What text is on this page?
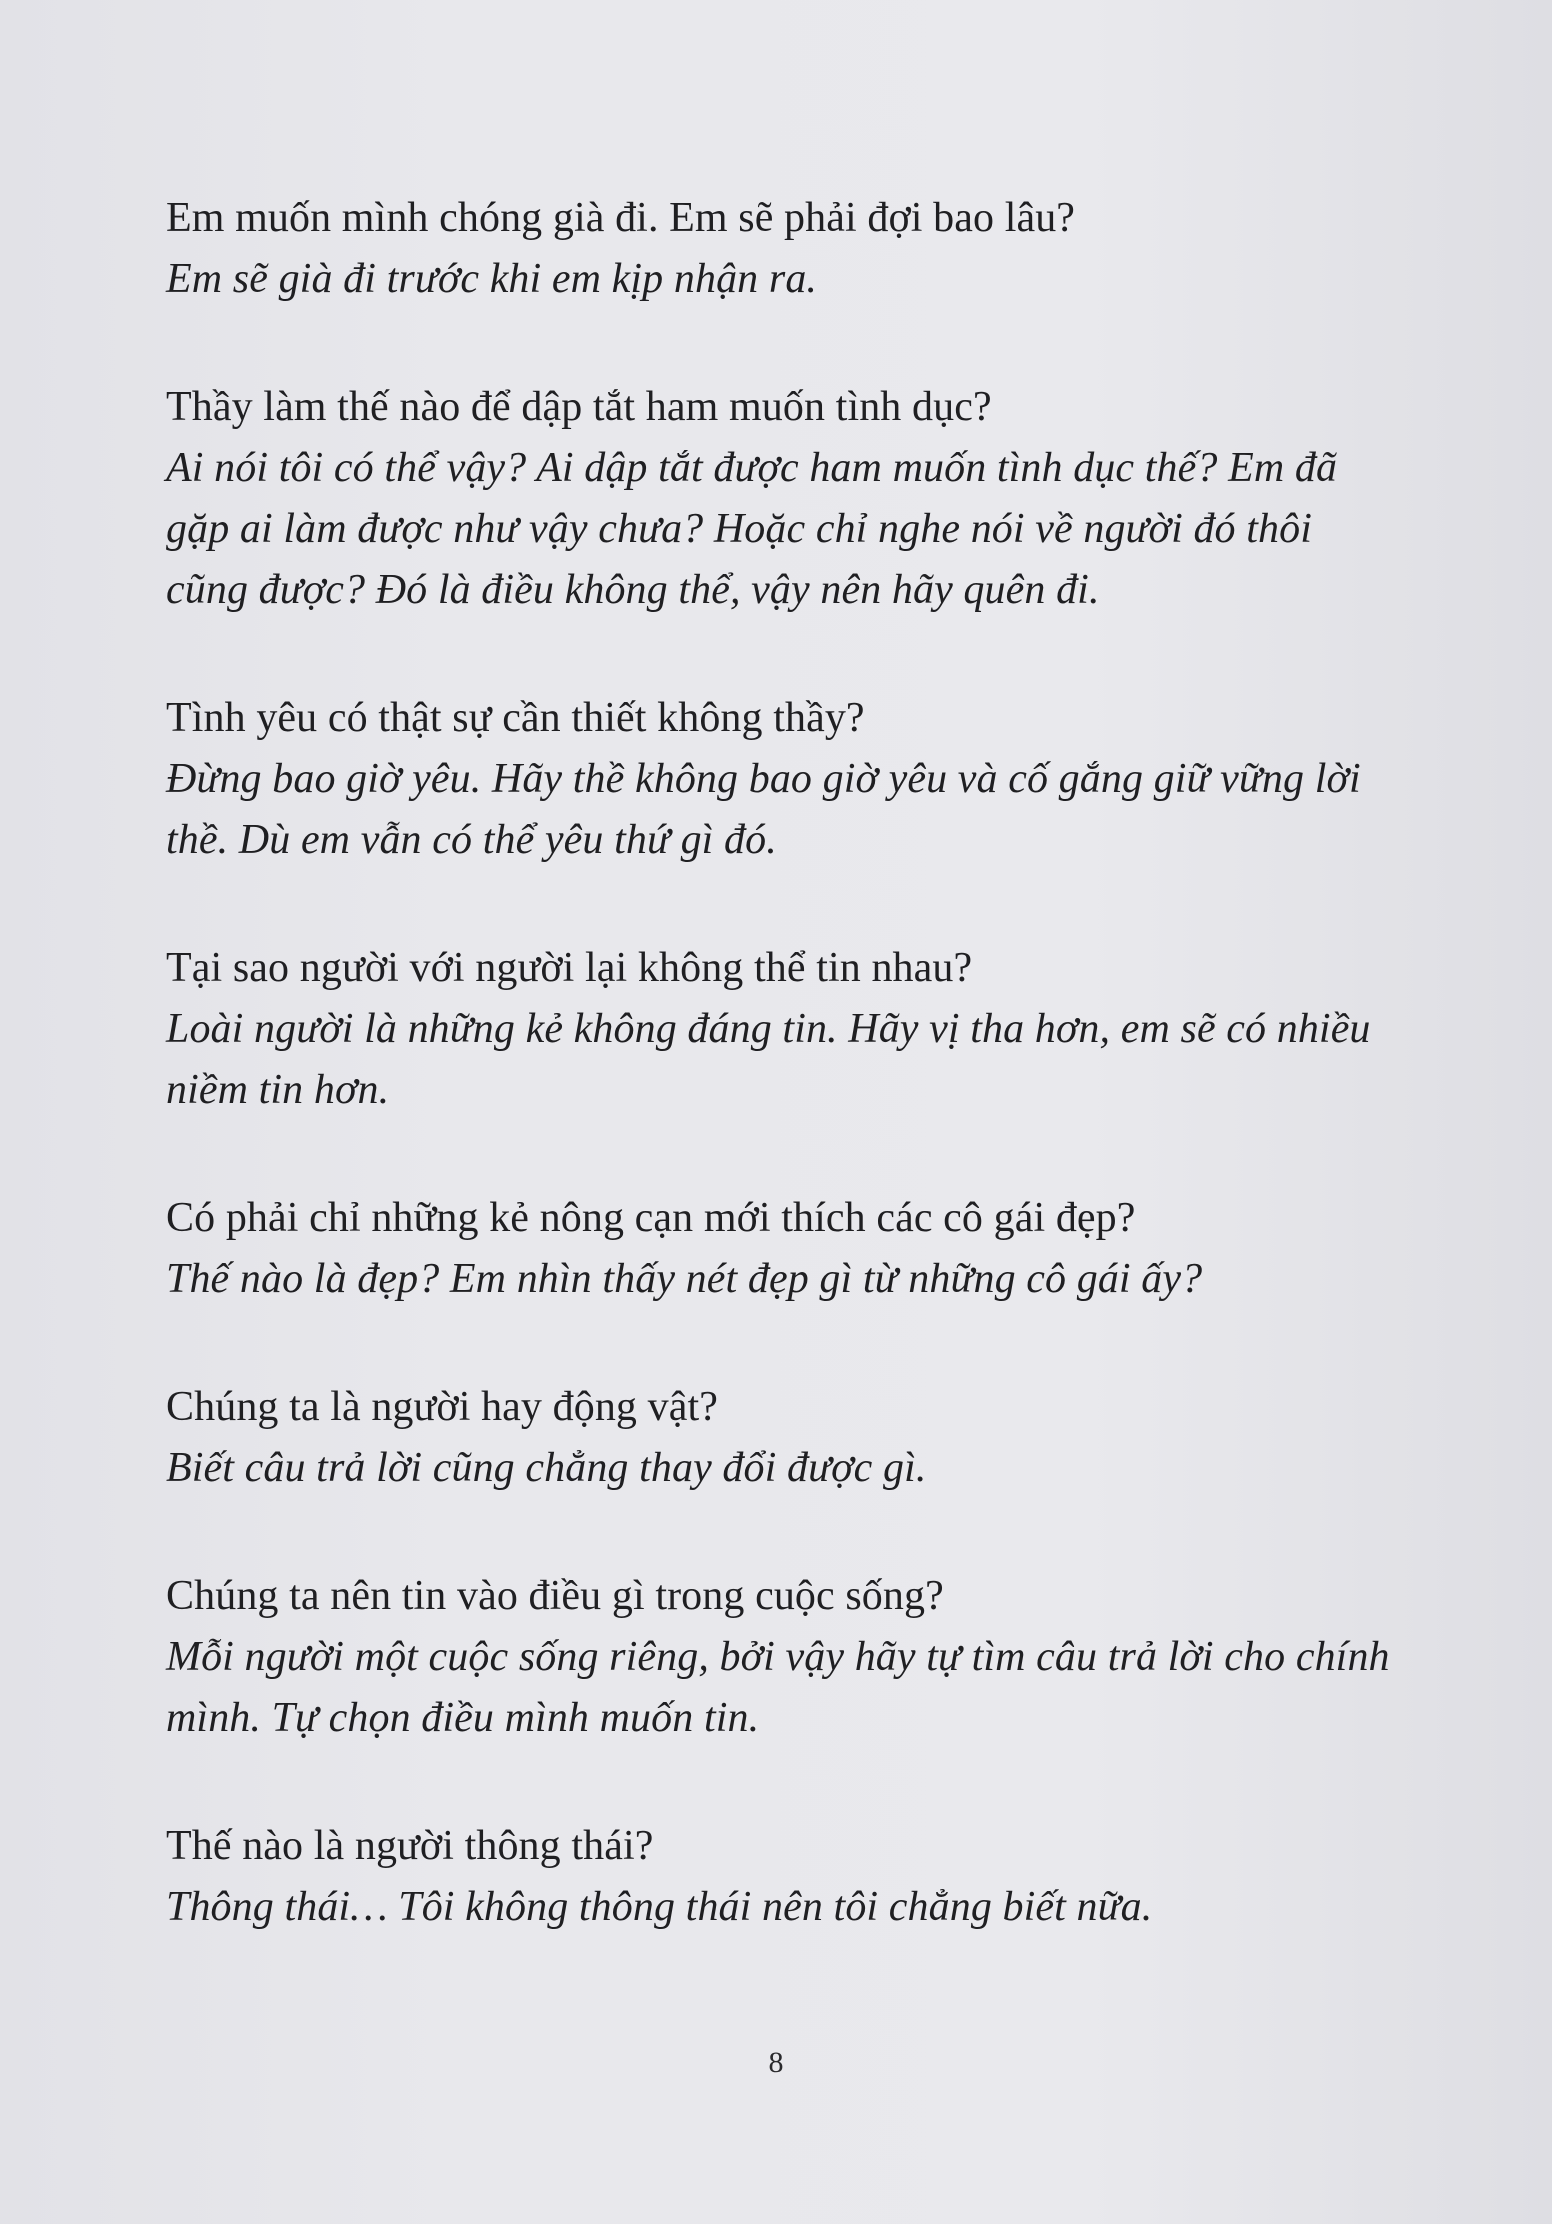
Em muốn mình chóng già đi. Em sẽ phải đợi bao lâu?

Em sẽ già đi trước khi em kịp nhận ra.

Thầy làm thế nào để dập tắt ham muốn tình dục?

Ai nói tôi có thể vậy? Ai dập tắt được ham muốn tình dục thế? Em đã gặp ai làm được như vậy chưa? Hoặc chỉ nghe nói về người đó thôi cũng được? Đó là điều không thể, vậy nên hãy quên đi.

Tình yêu có thật sự cần thiết không thầy?

Đừng bao giờ yêu. Hãy thề không bao giờ yêu và cố gắng giữ vững lời thề. Dù em vẫn có thể yêu thứ gì đó.

Tại sao người với người lại không thể tin nhau?

Loài người là những kẻ không đáng tin. Hãy vị tha hơn, em sẽ có nhiều niềm tin hơn.

Có phải chỉ những kẻ nông cạn mới thích các cô gái đẹp?

Thế nào là đẹp? Em nhìn thấy nét đẹp gì từ những cô gái ấy?

Chúng ta là người hay động vật?

Biết câu trả lời cũng chẳng thay đổi được gì.

Chúng ta nên tin vào điều gì trong cuộc sống?

Mỗi người một cuộc sống riêng, bởi vậy hãy tự tìm câu trả lời cho chính mình. Tự chọn điều mình muốn tin.

Thế nào là người thông thái?

Thông thái… Tôi không thông thái nên tôi chẳng biết nữa.

8
